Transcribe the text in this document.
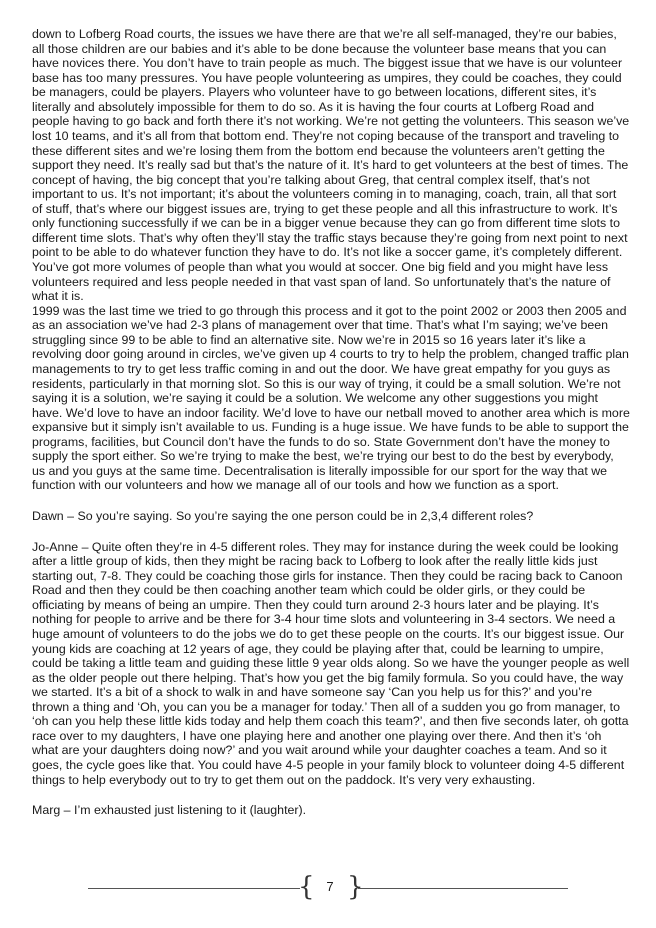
down to Lofberg Road courts, the issues we have there are that we’re all self-managed, they’re our babies, all those children are our babies and it’s able to be done because the volunteer base means that you can have novices there. You don’t have to train people as much. The biggest issue that we have is our volunteer base has too many pressures. You have people volunteering as umpires, they could be coaches, they could be managers, could be players. Players who volunteer have to go between locations, different sites, it’s literally and absolutely impossible for them to do so. As it is having the four courts at Lofberg Road and people having to go back and forth there it’s not working. We’re not getting the volunteers. This season we’ve lost 10 teams, and it’s all from that bottom end. They’re not coping because of the transport and traveling to these different sites and we’re losing them from the bottom end because the volunteers aren’t getting the support they need. It’s really sad but that’s the nature of it. It’s hard to get volunteers at the best of times. The concept of having, the big concept that you’re talking about Greg, that central complex itself, that’s not important to us. It’s not important; it’s about the volunteers coming in to managing, coach, train, all that sort of stuff, that’s where our biggest issues are, trying to get these people and all this infrastructure to work. It’s only functioning successfully if we can be in a bigger venue because they can go from different time slots to different time slots. That’s why often they’ll stay the traffic stays because they’re going from next point to next point to be able to do whatever function they have to do. It’s not like a soccer game, it’s completely different. You’ve got more volumes of people than what you would at soccer. One big field and you might have less volunteers required and less people needed in that vast span of land. So unfortunately that’s the nature of what it is.

1999 was the last time we tried to go through this process and it got to the point 2002 or 2003 then 2005 and as an association we’ve had 2-3 plans of management over that time. That’s what I’m saying; we’ve been struggling since 99 to be able to find an alternative site. Now we’re in 2015 so 16 years later it’s like a revolving door going around in circles, we’ve given up 4 courts to try to help the problem, changed traffic plan managements to try to get less traffic coming in and out the door. We have great empathy for you guys as residents, particularly in that morning slot. So this is our way of trying, it could be a small solution. We’re not saying it is a solution, we’re saying it could be a solution. We welcome any other suggestions you might have. We’d love to have an indoor facility. We’d love to have our netball moved to another area which is more expansive but it simply isn’t available to us. Funding is a huge issue. We have funds to be able to support the programs, facilities, but Council don’t have the funds to do so. State Government don’t have the money to supply the sport either. So we’re trying to make the best, we’re trying our best to do the best by everybody, us and you guys at the same time. Decentralisation is literally impossible for our sport for the way that we function with our volunteers and how we manage all of our tools and how we function as a sport.

Dawn – So you’re saying. So you’re saying the one person could be in 2,3,4 different roles?

Jo-Anne – Quite often they’re in 4-5 different roles. They may for instance during the week could be looking after a little group of kids, then they might be racing back to Lofberg to look after the really little kids just starting out, 7-8. They could be coaching those girls for instance. Then they could be racing back to Canoon Road and then they could be then coaching another team which could be older girls, or they could be officiating by means of being an umpire. Then they could turn around 2-3 hours later and be playing. It’s nothing for people to arrive and be there for 3-4 hour time slots and volunteering in 3-4 sectors. We need a huge amount of volunteers to do the jobs we do to get these people on the courts. It’s our biggest issue. Our young kids are coaching at 12 years of age, they could be playing after that, could be learning to umpire, could be taking a little team and guiding these little 9 year olds along. So we have the younger people as well as the older people out there helping. That’s how you get the big family formula. So you could have, the way we started. It’s a bit of a shock to walk in and have someone say ‘Can you help us for this?’ and you’re thrown a thing and ‘Oh, you can you be a manager for today.’ Then all of a sudden you go from manager, to ‘oh can you help these little kids today and help them coach this team?’, and then five seconds later, oh gotta race over to my daughters, I have one playing here and another one playing over there. And then it’s ‘oh what are your daughters doing now?’ and you wait around while your daughter coaches a team. And so it goes, the cycle goes like that. You could have 4-5 people in your family block to volunteer doing 4-5 different things to help everybody out to try to get them out on the paddock. It’s very very exhausting.

Marg – I’m exhausted just listening to it (laughter).

{ 7 }
